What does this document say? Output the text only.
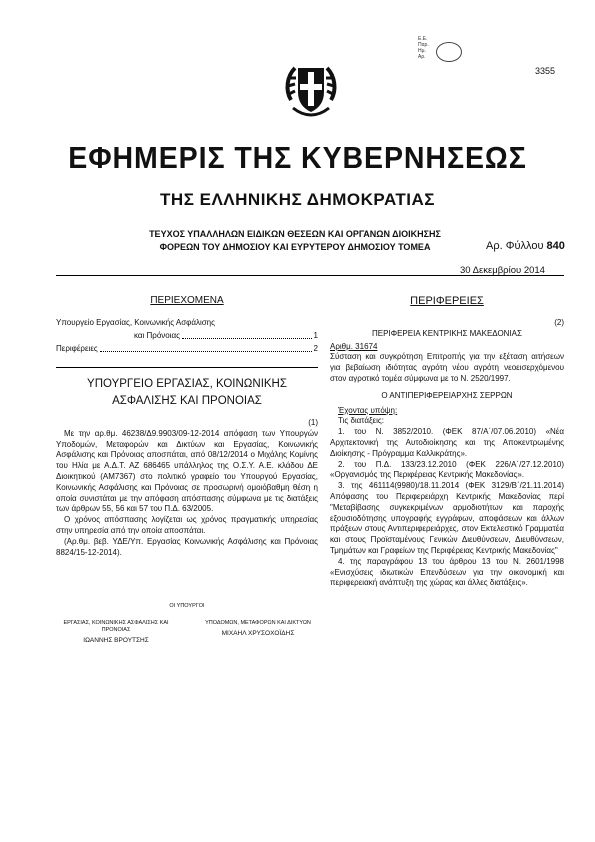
Ε.Ε.
Παρ.
Ημ.
Αρ.
3355
ΕΦΗΜΕΡΙΣ ΤΗΣ ΚΥΒΕΡΝΗΣΕΩΣ
ΤΗΣ ΕΛΛΗΝΙΚΗΣ ΔΗΜΟΚΡΑΤΙΑΣ
ΤΕΥΧΟΣ ΥΠΑΛΛΗΛΩΝ ΕΙΔΙΚΩΝ ΘΕΣΕΩΝ ΚΑΙ ΟΡΓΑΝΩΝ ΔΙΟΙΚΗΣΗΣ
ΦΟΡΕΩΝ ΤΟΥ ΔΗΜΟΣΙΟΥ ΚΑΙ ΕΥΡΥΤΕΡΟΥ ΔΗΜΟΣΙΟΥ ΤΟΜΕΑ	Αρ. Φύλλου 840
30 Δεκεμβρίου 2014
ΠΕΡΙΕΧΟΜΕΝΑ
Υπουργείο Εργασίας, Κοινωνικής Ασφάλισης
και Πρόνοιας	1
Περιφέρειες	2
ΥΠΟΥΡΓΕΙΟ ΕΡΓΑΣΙΑΣ, ΚΟΙΝΩΝΙΚΗΣ
ΑΣΦΑΛΙΣΗΣ ΚΑΙ ΠΡΟΝΟΙΑΣ

(1)

Με την αρ.θμ. 46238/Δ9.9903/09-12-2014 απόφαση των Υπουργών Υποδομών, Μεταφορών και Δικτύων και Εργασίας, Κοινωνικής Ασφάλισης και Πρόνοιας αποσπάται, από 08/12/2014 ο Μιχάλης Κομίνης του Ηλία με Α.Δ.Τ. ΑΖ 686465 υπάλληλος της Ο.Σ.Υ. Α.Ε. κλάδου ΔΕ Διοικητικού (ΑΜ7367) στο πολιτικό γραφείο του Υπουργού Εργασίας, Κοινωνικής Ασφάλισης και Πρόνοιας σε προσωρινή ομοιόβαθμη θέση η οποία συνιστάται με την απόφαση απόσπασης σύμφωνα με τις διατάξεις των άρθρων 55, 56 και 57 του Π.Δ. 63/2005.

Ο χρόνος απόσπασης λογίζεται ως χρόνος πραγματικής υπηρεσίας στην υπηρεσία από την οποία αποσπάται.

(Αρ.θμ. βεβ. ΥΔΕ/Υπ. Εργασίας Κοινωνικής Ασφάλισης και Πρόνοιας 8824/15-12-2014).

ΟΙ ΥΠΟΥΡΓΟΙ
ΕΡΓΑΣΙΑΣ, ΚΟΙΝΩΝΙΚΗΣ ΑΣΦΑΛΙΣΗΣ ΚΑΙ ΠΡΟΝΟΙΑΣ
ΙΩΑΝΝΗΣ ΒΡΟΥΤΣΗΣ
ΥΠΟΔΟΜΩΝ, ΜΕΤΑΦΟΡΩΝ ΚΑΙ ΔΙΚΤΥΩΝ
ΜΙΧΑΗΛ ΧΡΥΣΟΧΟΪΔΗΣ
ΠΕΡΙΦΕΡΕΙΕΣ

(2)

ΠΕΡΙΦΕΡΕΙΑ ΚΕΝΤΡΙΚΗΣ ΜΑΚΕΔΟΝΙΑΣ

Αριθμ. 31674

Σύσταση και συγκρότηση Επιτροπής για την εξέταση αιτήσεων για βεβαίωση ιδιότητας αγρότη νέου αγρότη νεοεισερχόμενου στον αγροτικό τομέα σύμφωνα με το Ν. 2520/1997.

Ο ΑΝΤΙΠΕΡΙΦΕΡΕΙΑΡΧΗΣ ΣΕΡΡΩΝ

Έχοντας υπόψη:

Τις διατάξεις:

1. του Ν. 3852/2010. (ΦΕΚ 87/Α΄/07.06.2010) «Νέα Αρχιτεκτονική της Αυτοδιοίκησης και της Αποκεντρωμένης Διοίκησης - Πρόγραμμα Καλλικράτης».

2. του Π.Δ. 133/23.12.2010 (ΦΕΚ 226/Α΄/27.12.2010) «Οργανισμός της Περιφέρειας Κεντρικής Μακεδονίας».

3. της 461114(9980)/18.11.2014 (ΦΕΚ 3129/Β΄/21.11.2014) Απόφασης του Περιφερειάρχη Κεντρικής Μακεδονίας περί "Μεταβίβασης συγκεκριμένων αρμοδιοτήτων και παροχής εξουσιοδότησης υπογραφής εγγράφων, αποφάσεων και άλλων πράξεων στους Αντιπεριφερειάρχες, στον Εκτελεστικό Γραμματέα και στους Προϊσταμένους Γενικών Διευθύνσεων, Διευθύνσεων, Τμημάτων και Γραφείων της Περιφέρειας Κεντρικής Μακεδονίας"

4. της παραγράφου 13 του άρθρου 13 του Ν. 2601/1998 «Ενισχύσεις ιδιωτικών Επενδύσεων για την οικονομική και περιφερειακή ανάπτυξη της χώρας και άλλες διατάξεις».
